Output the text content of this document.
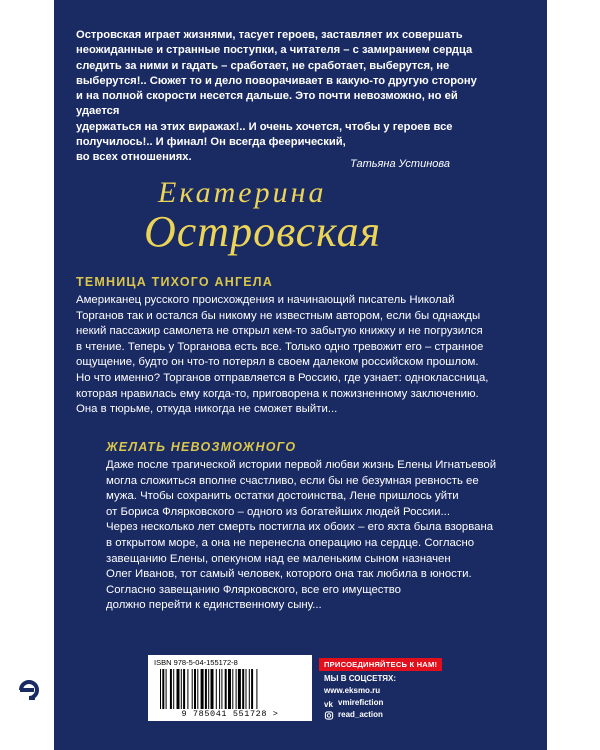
Островская играет жизнями, тасует героев, заставляет их совершать
неожиданные и странные поступки, а читателя – с замиранием сердца
следить за ними и гадать – сработает, не сработает, выберутся, не
выберутся!.. Сюжет то и дело поворачивает в какую-то другую сторону
и на полной скорости несется дальше. Это почти невозможно, но ей удается
удержаться на этих виражах!.. И очень хочется, чтобы у героев все
получилось!.. И финал! Он всегда феерический,
во всех отношениях.
Татьяна Устинова
Екатерина
Островская
ТЕМНИЦА ТИХОГО АНГЕЛА
Американец русского происхождения и начинающий писатель Николай
Торганов так и остался бы никому не известным автором, если бы однажды
некий пассажир самолета не открыл кем-то забытую книжку и не погрузился
в чтение. Теперь у Торганова есть все. Только одно тревожит его – странное
ощущение, будто он что-то потерял в своем далеком российском прошлом.
Но что именно? Торганов отправляется в Россию, где узнает: одноклассница,
которая нравилась ему когда-то, приговорена к пожизненному заключению.
Она в тюрьме, откуда никогда не сможет выйти...
ЖЕЛАТЬ НЕВОЗМОЖНОГО
Даже после трагической истории первой любви жизнь Елены Игнатьевой
могла сложиться вполне счастливо, если бы не безумная ревность ее
мужа. Чтобы сохранить остатки достоинства, Лене пришлось уйти
от Бориса Флярковского – одного из богатейших людей России...
Через несколько лет смерть постигла их обоих – его яхта была взорвана
в открытом море, а она не перенесла операцию на сердце. Согласно
завещанию Елены, опекуном над ее маленьким сыном назначен
Олег Иванов, тот самый человек, которого она так любила в юности.
Согласно завещанию Флярковского, все его имущество
должно перейти к единственному сыну...
ISBN 978-5-04-155172-8
9 785041 551728 >
ПРИСОЕДИНЯЙТЕСЬ К НАМ!
МЫ В СОЦСЕТЯХ:
www.eksmo.ru
vk vmirefiction
read_action
